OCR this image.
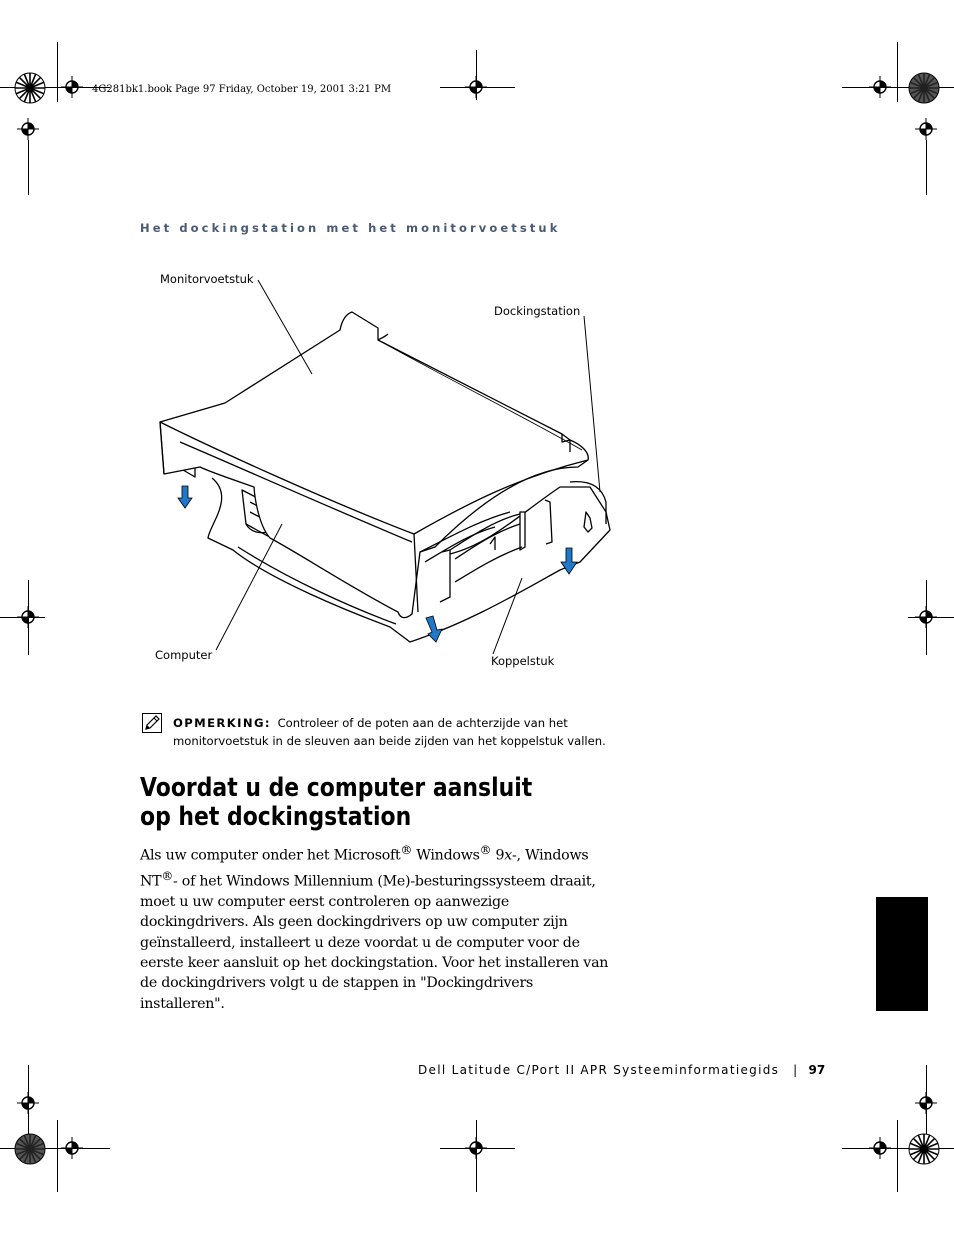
4G281bk1.book Page 97 Friday, October 19, 2001 3:21 PM
Het dockingstation met het monitorvoetstuk
Monitorvoetstuk
Dockingstation
Computer	Koppelstuk
OPMERKING: Controleer of de poten aan de achterzijde van het monitorvoetstuk in de sleuven aan beide zijden van het koppelstuk vallen.
Voordat u de computer aansluit
op het dockingstation
Als uw computer onder het Microsoft® Windows® 9x-, Windows NT®- of het Windows Millennium (Me)-besturingssysteem draait, moet u uw computer eerst controleren op aanwezige dockingdrivers. Als geen dockingdrivers op uw computer zijn geïnstalleerd, installeert u deze voordat u de computer voor de eerste keer aansluit op het dockingstation. Voor het installeren van de dockingdrivers volgt u de stappen in "Dockingdrivers installeren".
Dell Latitude C/Port II APR Systeeminformatiegids | 97
